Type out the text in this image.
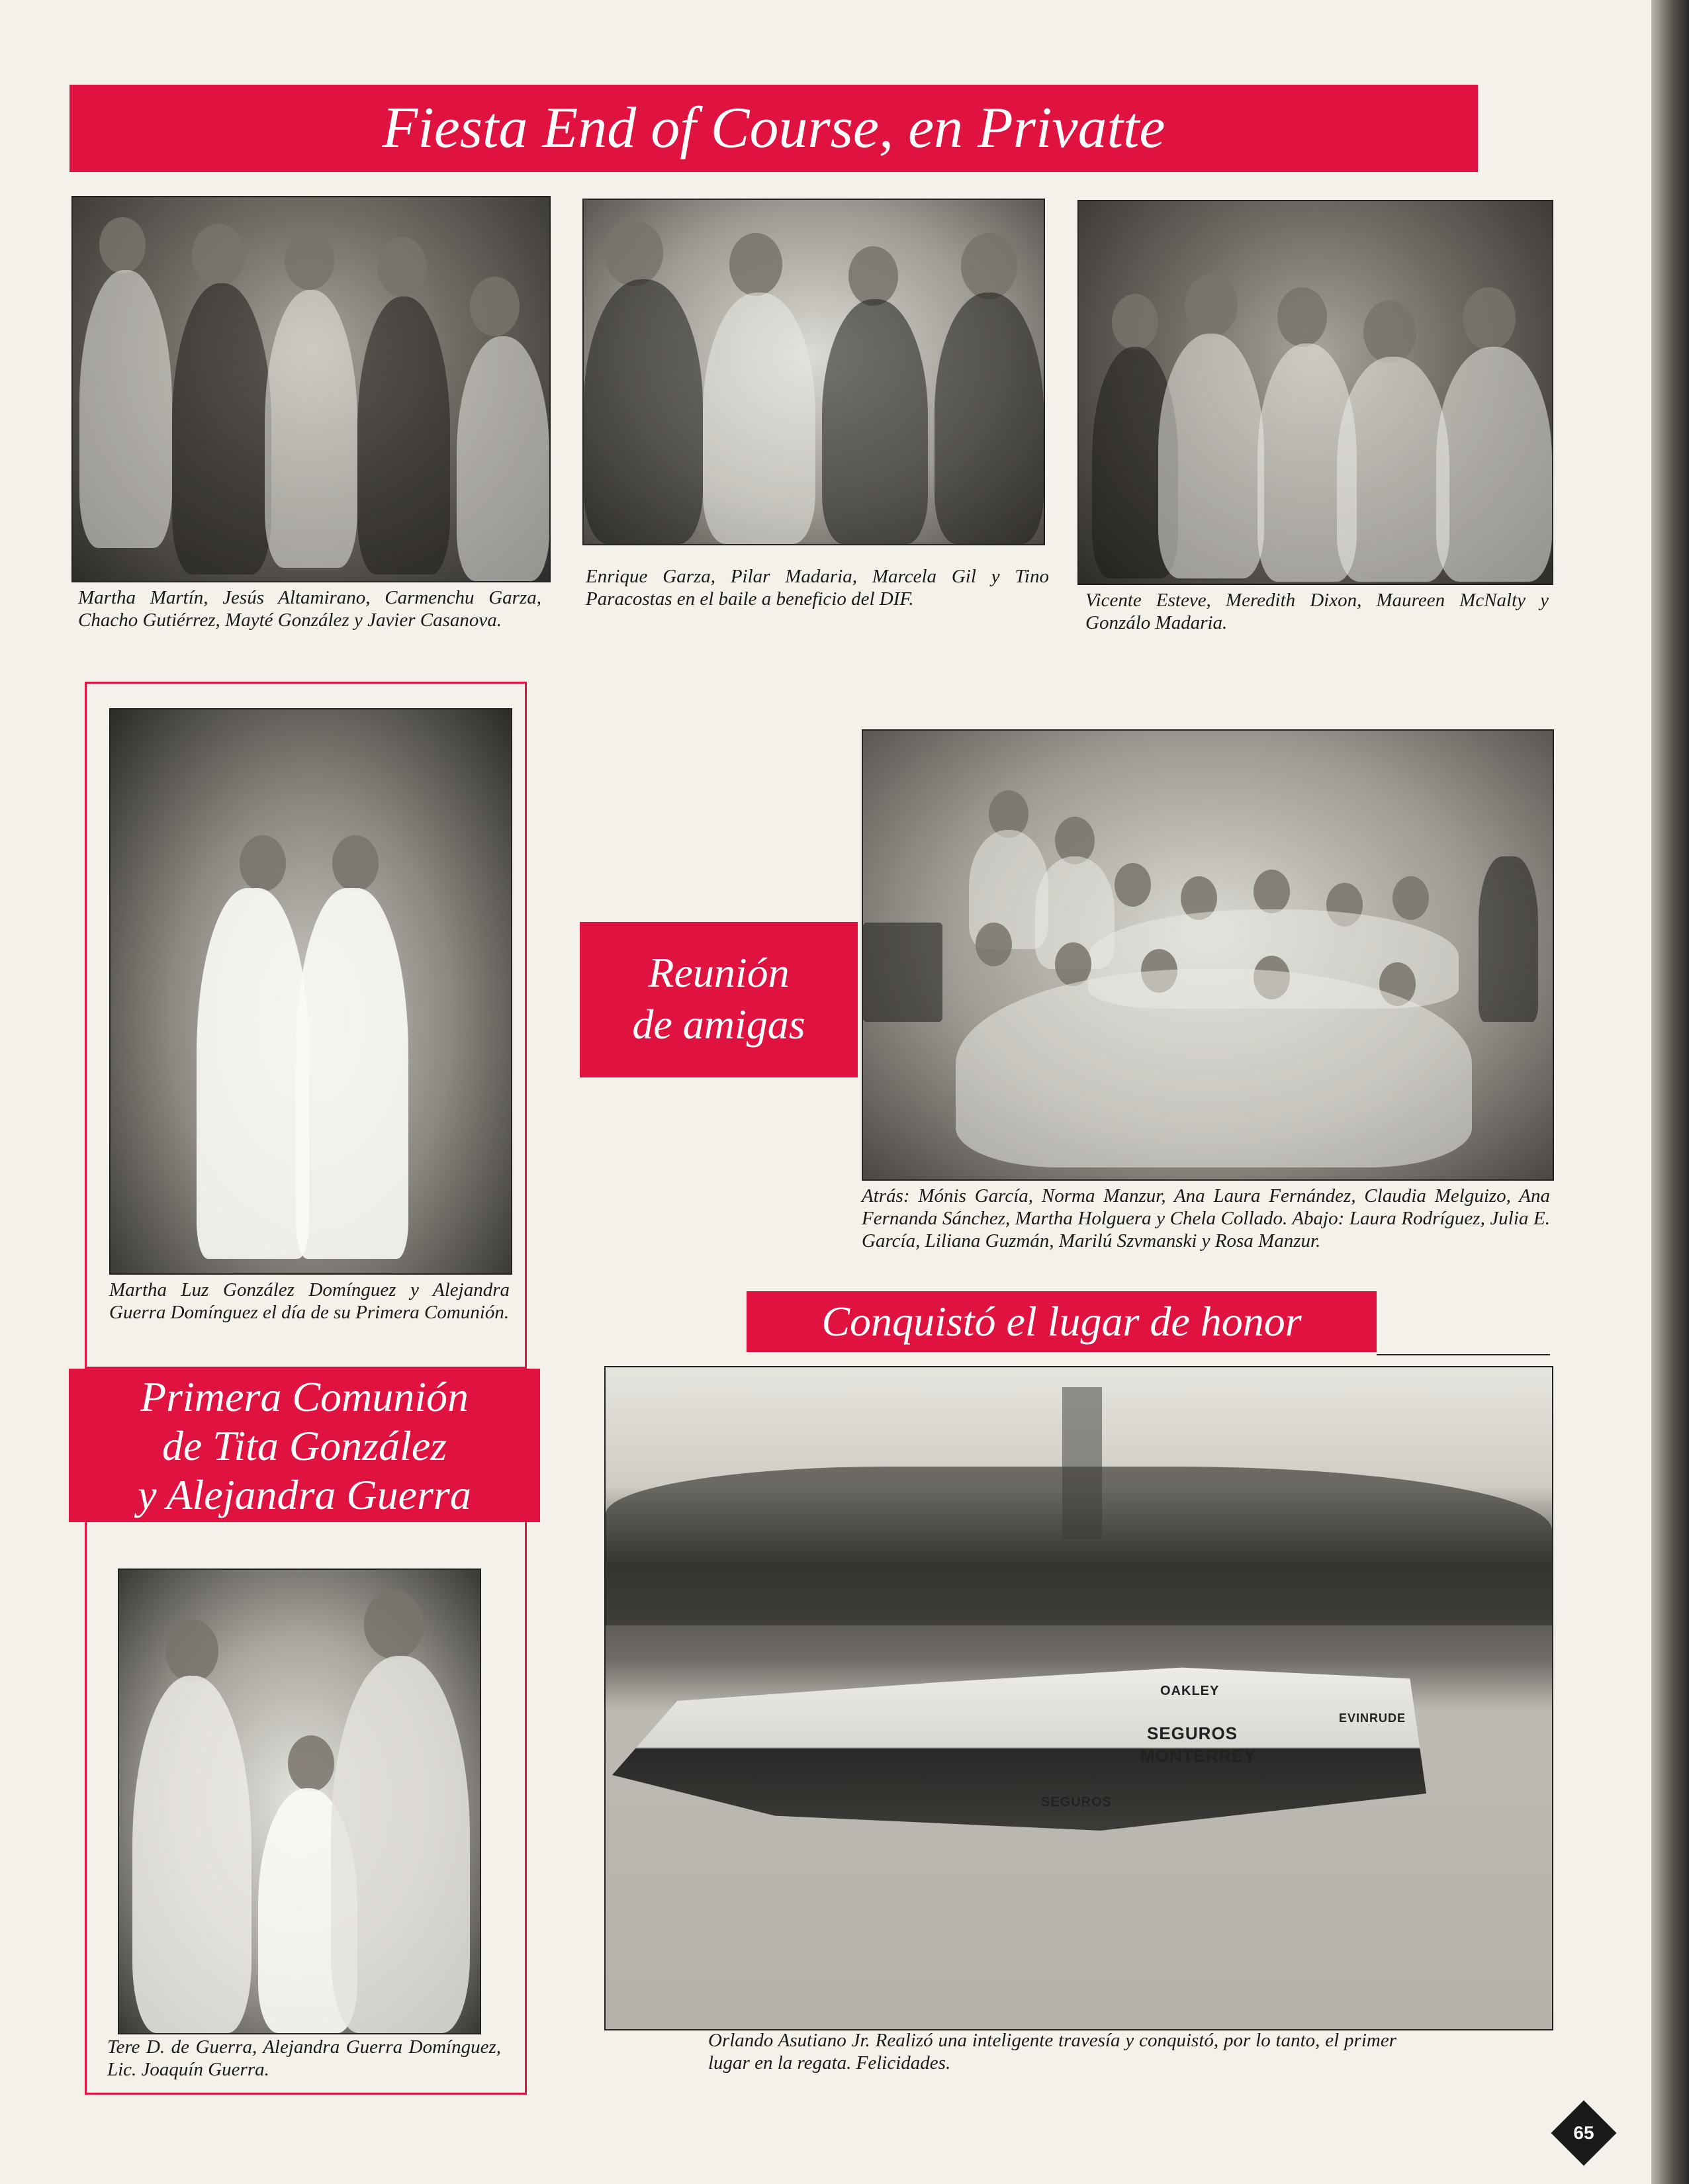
Fiesta End of Course, en Privatte
Martha Martín, Jesús Altamirano, Carmenchu Garza, Chacho Gutiérrez, Mayté González y Javier Casanova.
Enrique Garza, Pilar Madaria, Marcela Gil y Tino Paracostas en el baile a beneficio del DIF.	Vicente Esteve, Meredith Dixon, Maureen McNalty y Gonzálo Madaria.
Martha Luz González Domínguez y Alejandra Guerra Domínguez el día de su Primera Comunión.
Primera Comunión
de Tita González
y Alejandra Guerra
Tere D. de Guerra, Alejandra Guerra Domínguez, Lic. Joaquín Guerra.
Reunión
de amigas
Atrás: Mónis García, Norma Manzur, Ana Laura Fernández, Claudia Melguizo, Ana Fernanda Sánchez, Martha Holguera y Chela Collado. Abajo: Laura Rodríguez, Julia E. García, Liliana Guzmán, Marilú Szvmanski y Rosa Manzur.
Conquistó el lugar de honor
SEGUROS
MONTERREY
OAKLEY
EVINRUDE
SEGUROS
Orlando Asutiano Jr. Realizó una inteligente travesía y conquistó, por lo tanto, el primer lugar en la regata. Felicidades.
65
